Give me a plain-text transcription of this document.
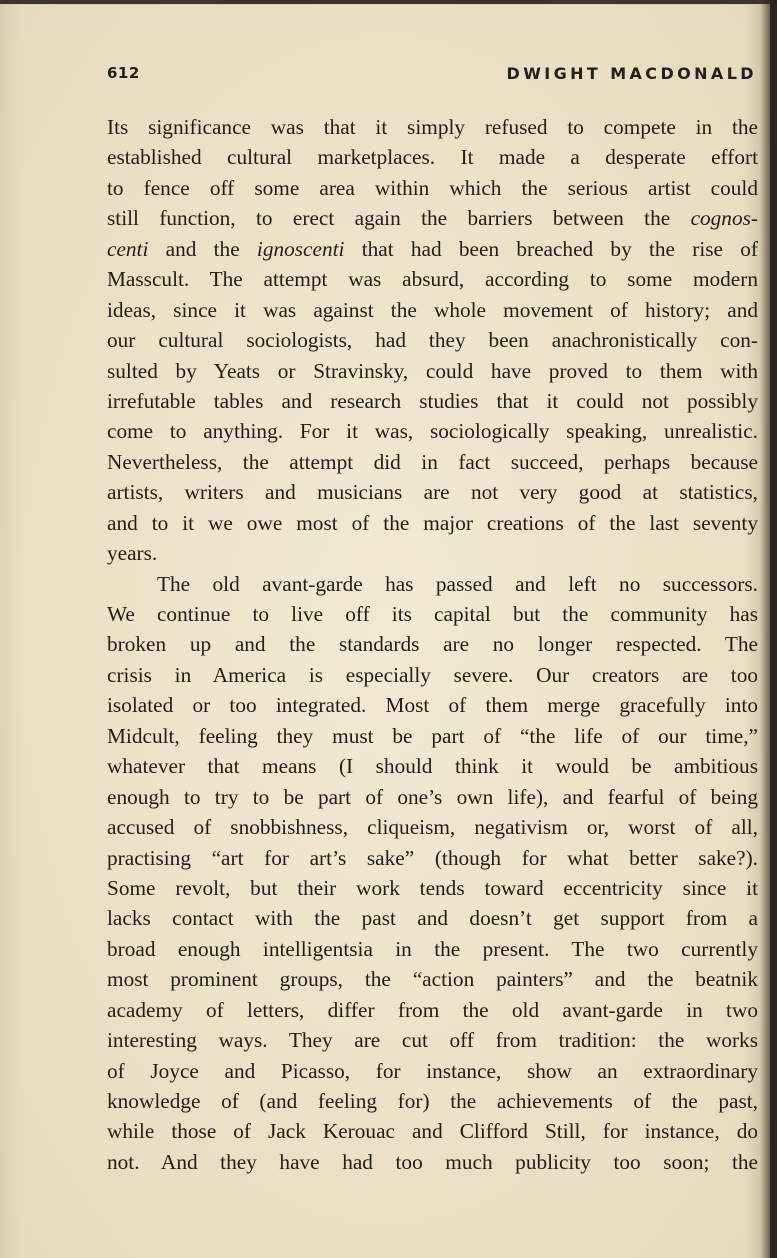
612	DWIGHT MACDONALD
Its significance was that it simply refused to compete in the
established cultural marketplaces. It made a desperate effort
to fence off some area within which the serious artist could
still function, to erect again the barriers between the cognos-
centi and the ignoscenti that had been breached by the rise of
Masscult. The attempt was absurd, according to some modern
ideas, since it was against the whole movement of history; and
our cultural sociologists, had they been anachronistically con-
sulted by Yeats or Stravinsky, could have proved to them with
irrefutable tables and research studies that it could not possibly
come to anything. For it was, sociologically speaking, unrealistic.
Nevertheless, the attempt did in fact succeed, perhaps because
artists, writers and musicians are not very good at statistics,
and to it we owe most of the major creations of the last seventy
years.
The old avant-garde has passed and left no successors.
We continue to live off its capital but the community has
broken up and the standards are no longer respected. The
crisis in America is especially severe. Our creators are too
isolated or too integrated. Most of them merge gracefully into
Midcult, feeling they must be part of “the life of our time,”
whatever that means (I should think it would be ambitious
enough to try to be part of one’s own life), and fearful of being
accused of snobbishness, cliqueism, negativism or, worst of all,
practising “art for art’s sake” (though for what better sake?).
Some revolt, but their work tends toward eccentricity since it
lacks contact with the past and doesn’t get support from a
broad enough intelligentsia in the present. The two currently
most prominent groups, the “action painters” and the beatnik
academy of letters, differ from the old avant-garde in two
interesting ways. They are cut off from tradition: the works
of Joyce and Picasso, for instance, show an extraordinary
knowledge of (and feeling for) the achievements of the past,
while those of Jack Kerouac and Clifford Still, for instance, do
not. And they have had too much publicity too soon; the
